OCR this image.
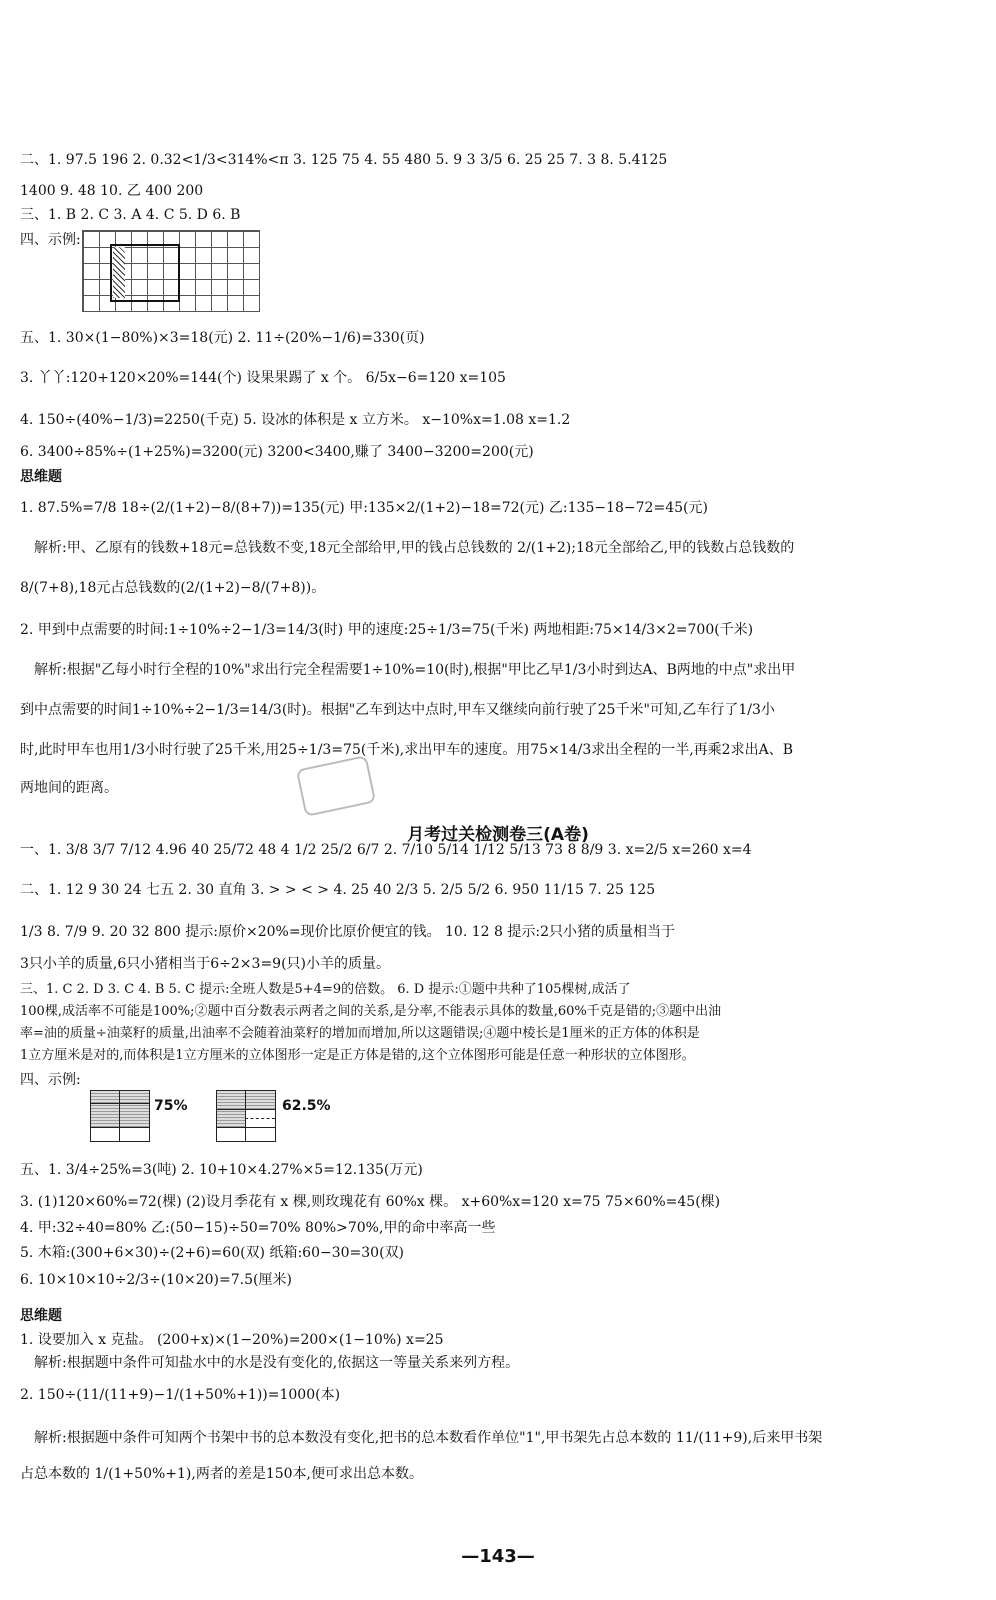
二、1. 97.5 196 2. 0.32<1/3<314%<π 3. 125 75 4. 55 480 5. 9 3 3/5 6. 25 25 7. 3 8. 5.4125
1400 9. 48 10. 乙 400 200
三、1. B 2. C 3. A 4. C 5. D 6. B
四、示例:
五、1. 30×(1−80%)×3=18(元) 2. 11÷(20%−1/6)=330(页)
3. 丫丫:120+120×20%=144(个) 设果果踢了 x 个。 6/5x−6=120 x=105
4. 150÷(40%−1/3)=2250(千克) 5. 设冰的体积是 x 立方米。 x−10%x=1.08 x=1.2
6. 3400÷85%÷(1+25%)=3200(元) 3200<3400,赚了 3400−3200=200(元)
思维题
1. 87.5%=7/8 18÷(2/(1+2)−8/(8+7))=135(元) 甲:135×2/(1+2)−18=72(元) 乙:135−18−72=45(元)
解析:甲、乙原有的钱数+18元=总钱数不变,18元全部给甲,甲的钱占总钱数的 2/(1+2);18元全部给乙,甲的钱数占总钱数的
8/(7+8),18元占总钱数的(2/(1+2)−8/(7+8))。
2. 甲到中点需要的时间:1÷10%÷2−1/3=14/3(时) 甲的速度:25÷1/3=75(千米) 两地相距:75×14/3×2=700(千米)
解析:根据"乙每小时行全程的10%"求出行完全程需要1÷10%=10(时),根据"甲比乙早1/3小时到达A、B两地的中点"求出甲
到中点需要的时间1÷10%÷2−1/3=14/3(时)。根据"乙车到达中点时,甲车又继续向前行驶了25千米"可知,乙车行了1/3小
时,此时甲车也用1/3小时行驶了25千米,用25÷1/3=75(千米),求出甲车的速度。用75×14/3求出全程的一半,再乘2求出A、B
两地间的距离。
一、1. 3/8 3/7 7/12 4.96 40 25/72 48 4 1/2 25/2 6/7 2. 7/10 5/14 1/12 5/13 73 8 8/9 3. x=2/5 x=260 x=4
二、1. 12 9 30 24 七五 2. 30 直角 3. > > < > 4. 25 40 2/3 5. 2/5 5/2 6. 950 11/15 7. 25 125
1/3 8. 7/9 9. 20 32 800 提示:原价×20%=现价比原价便宜的钱。 10. 12 8 提示:2只小猪的质量相当于
3只小羊的质量,6只小猪相当于6÷2×3=9(只)小羊的质量。
三、1. C 2. D 3. C 4. B 5. C 提示:全班人数是5+4=9的倍数。 6. D 提示:①题中共种了105棵树,成活了
100棵,成活率不可能是100%;②题中百分数表示两者之间的关系,是分率,不能表示具体的数量,60%千克是错的;③题中出油
率=油的质量÷油菜籽的质量,出油率不会随着油菜籽的增加而增加,所以这题错误;④题中棱长是1厘米的正方体的体积是
1立方厘米是对的,而体积是1立方厘米的立体图形一定是正方体是错的,这个立体图形可能是任意一种形状的立体图形。
四、示例:
五、1. 3/4÷25%=3(吨) 2. 10+10×4.27%×5=12.135(万元)
3. (1)120×60%=72(棵) (2)设月季花有 x 棵,则玫瑰花有 60%x 棵。 x+60%x=120 x=75 75×60%=45(棵)
4. 甲:32÷40=80% 乙:(50−15)÷50=70% 80%>70%,甲的命中率高一些
5. 木箱:(300+6×30)÷(2+6)=60(双) 纸箱:60−30=30(双)
6. 10×10×10÷2/3÷(10×20)=7.5(厘米)
思维题
1. 设要加入 x 克盐。 (200+x)×(1−20%)=200×(1−10%) x=25
解析:根据题中条件可知盐水中的水是没有变化的,依据这一等量关系来列方程。
2. 150÷(11/(11+9)−1/(1+50%+1))=1000(本)
解析:根据题中条件可知两个书架中书的总本数没有变化,把书的总本数看作单位"1",甲书架先占总本数的 11/(11+9),后来甲书架
占总本数的 1/(1+50%+1),两者的差是150本,便可求出总本数。
月考过关检测卷三(A卷)
75%	62.5%
—143—
